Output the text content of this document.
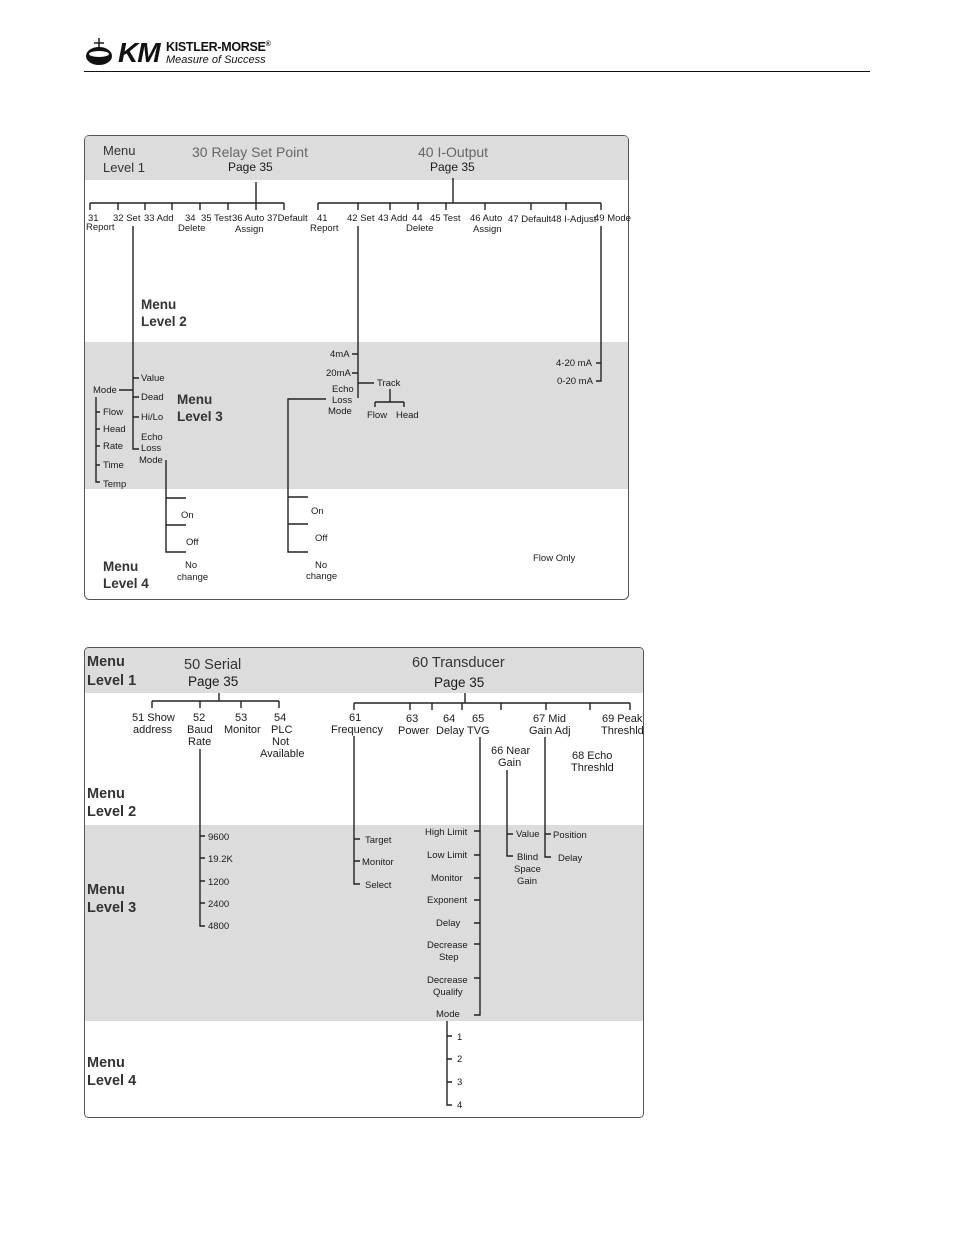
KM KISTLER-MORSE®
Measure of Success
Menu
Level 1
Menu
Level 2
Menu
Level 3
Menu
Level 4
30 Relay Set Point
Page 35
40 I-Output
Page 35
31
Report
32 Set 33 Add 34
Delete
35 Test 36 Auto
Assign
37Default
Value
Dead
Hi/Lo
Echo
Loss
Mode
Mode
Flow
Head
Rate
Time
Temp
On
Off
No
change
41
Report
42 Set 43 Add 44
Delete
45 Test 46 Auto
Assign
47 Default 48 I-Adjust
49 Mode
4mA
20mA
Echo
Loss
Mode
Track
Flow Head
On
Off
No
change
4-20 mA
0-20 mA
Flow Only
Menu
Level 1
Menu
Level 2
Menu
Level 3
Menu
Level 4
50 Serial
Page 35
60 Transducer
Page 35
51 Show
address
52
Baud
Rate
53
Monitor
54
PLC
Not
Available
9600
19.2K
1200
2400
4800
61
Frequency
63
Power
64
Delay
65
TVG
66 Near
Gain
67 Mid
Gain Adj
68 Echo
Threshld
69 Peak
Threshld
Target
Monitor
Select
High Limit
Low Limit
Monitor
Exponent
Delay
Decrease
Step
Decrease
Qualify
Mode
Value
Blind
Space
Gain
Position
Delay
1
2
3
4
